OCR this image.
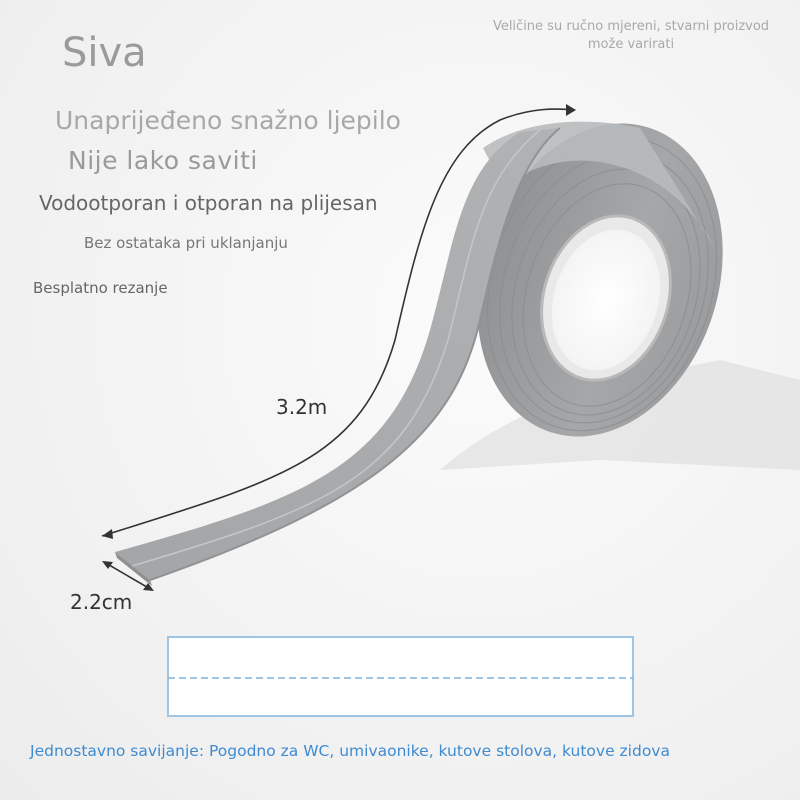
Siva

Veličine su ručno mjereni, stvarni proizvod može varirati

Unaprijeđeno snažno ljepilo

Nije lako saviti

Vodootporan i otporan na plijesan

Bez ostataka pri uklanjanju

Besplatno rezanje

3.2m

2.2cm

Jednostavno savijanje: Pogodno za WC, umivaonike, kutove stolova, kutove zidova
